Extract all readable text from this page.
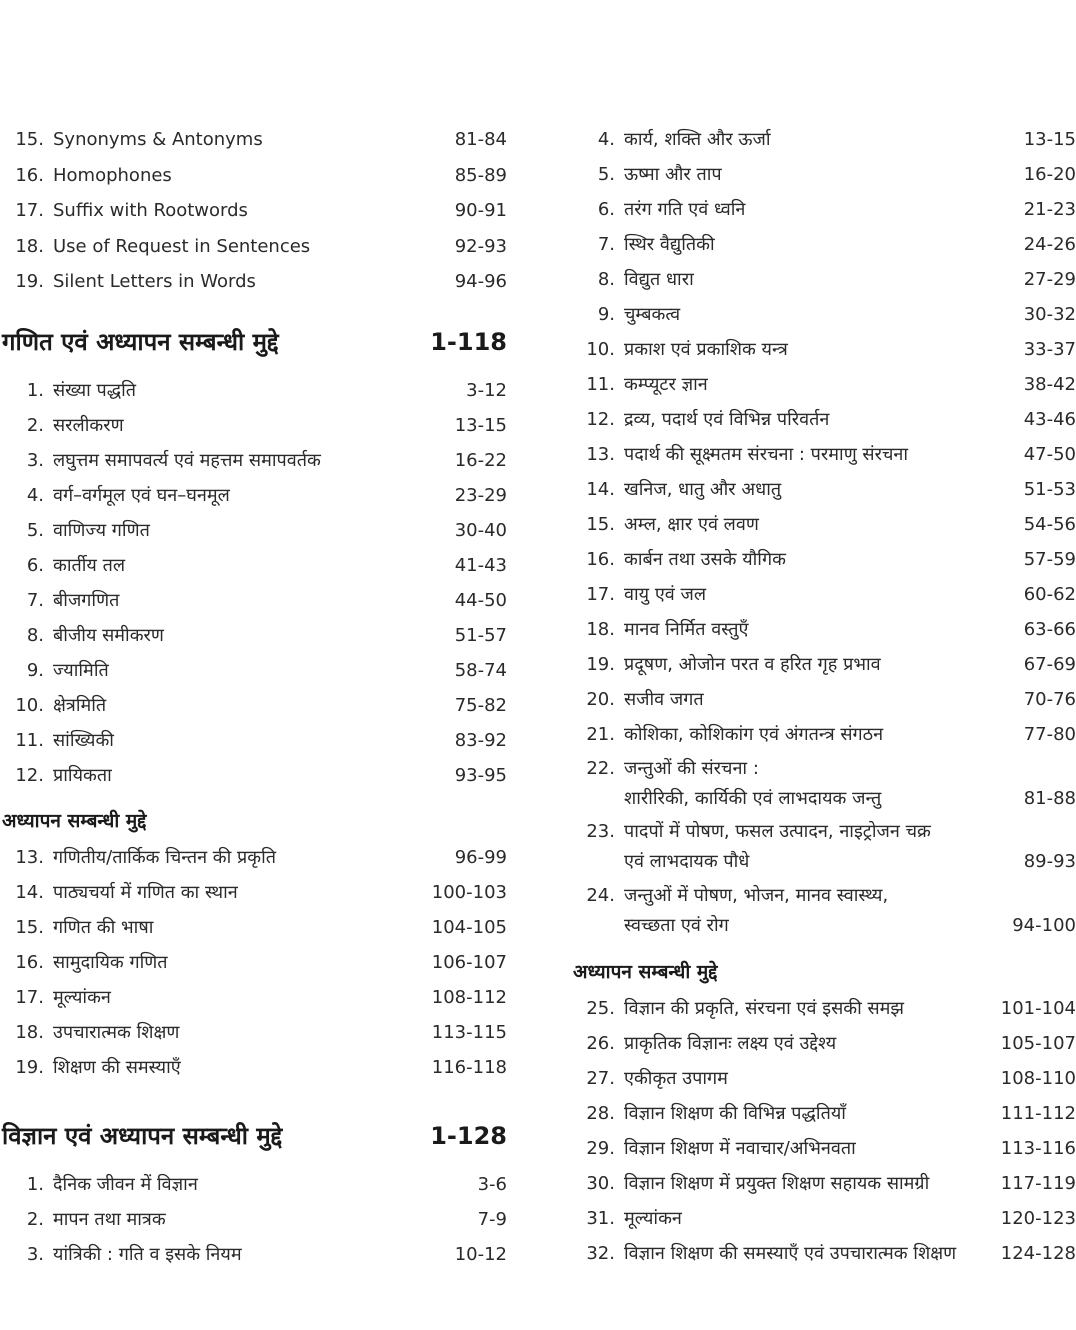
15. Synonyms & Antonyms	81-84
16. Homophones	85-89
17. Suffix with Rootwords	90-91
18. Use of Request in Sentences	92-93
19. Silent Letters in Words	94-96
गणित एवं अध्यापन सम्बन्धी मुद्दे	1-118
1. संख्या पद्धति	3-12
2. सरलीकरण	13-15
3. लघुत्तम समापवर्त्य एवं महत्तम समापवर्तक	16-22
4. वर्ग–वर्गमूल एवं घन–घनमूल	23-29
5. वाणिज्य गणित	30-40
6. कार्तीय तल	41-43
7. बीजगणित	44-50
8. बीजीय समीकरण	51-57
9. ज्यामिति	58-74
10. क्षेत्रमिति	75-82
11. सांख्यिकी	83-92
12. प्रायिकता	93-95
अध्यापन सम्बन्धी मुद्दे
13. गणितीय/तार्किक चिन्तन की प्रकृति	96-99
14. पाठ्यचर्या में गणित का स्थान	100-103
15. गणित की भाषा	104-105
16. सामुदायिक गणित	106-107
17. मूल्यांकन	108-112
18. उपचारात्मक शिक्षण	113-115
19. शिक्षण की समस्याएँ	116-118
विज्ञान एवं अध्यापन सम्बन्धी मुद्दे	1-128
1. दैनिक जीवन में विज्ञान	3-6
2. मापन तथा मात्रक	7-9
3. यांत्रिकी : गति व इसके नियम	10-12
4. कार्य, शक्ति और ऊर्जा	13-15
5. ऊष्मा और ताप	16-20
6. तरंग गति एवं ध्वनि	21-23
7. स्थिर वैद्युतिकी	24-26
8. विद्युत धारा	27-29
9. चुम्बकत्व	30-32
10. प्रकाश एवं प्रकाशिक यन्त्र	33-37
11. कम्प्यूटर ज्ञान	38-42
12. द्रव्य, पदार्थ एवं विभिन्न परिवर्तन	43-46
13. पदार्थ की सूक्ष्मतम संरचना : परमाणु संरचना	47-50
14. खनिज, धातु और अधातु	51-53
15. अम्ल, क्षार एवं लवण	54-56
16. कार्बन तथा उसके यौगिक	57-59
17. वायु एवं जल	60-62
18. मानव निर्मित वस्तुएँ	63-66
19. प्रदूषण, ओजोन परत व हरित गृह प्रभाव	67-69
20. सजीव जगत	70-76
21. कोशिका, कोशिकांग एवं अंगतन्त्र संगठन	77-80
22. जन्तुओं की संरचना :
शारीरिकी, कार्यिकी एवं लाभदायक जन्तु	81-88
23. पादपों में पोषण, फसल उत्पादन, नाइट्रोजन चक्र
एवं लाभदायक पौधे	89-93
24. जन्तुओं में पोषण, भोजन, मानव स्वास्थ्य,
स्वच्छता एवं रोग	94-100
अध्यापन सम्बन्धी मुद्दे
25. विज्ञान की प्रकृति, संरचना एवं इसकी समझ	101-104
26. प्राकृतिक विज्ञानः लक्ष्य एवं उद्देश्य	105-107
27. एकीकृत उपागम	108-110
28. विज्ञान शिक्षण की विभिन्न पद्धतियाँ	111-112
29. विज्ञान शिक्षण में नवाचार/अभिनवता	113-116
30. विज्ञान शिक्षण में प्रयुक्त शिक्षण सहायक सामग्री	117-119
31. मूल्यांकन	120-123
32. विज्ञान शिक्षण की समस्याएँ एवं उपचारात्मक शिक्षण 124-128
